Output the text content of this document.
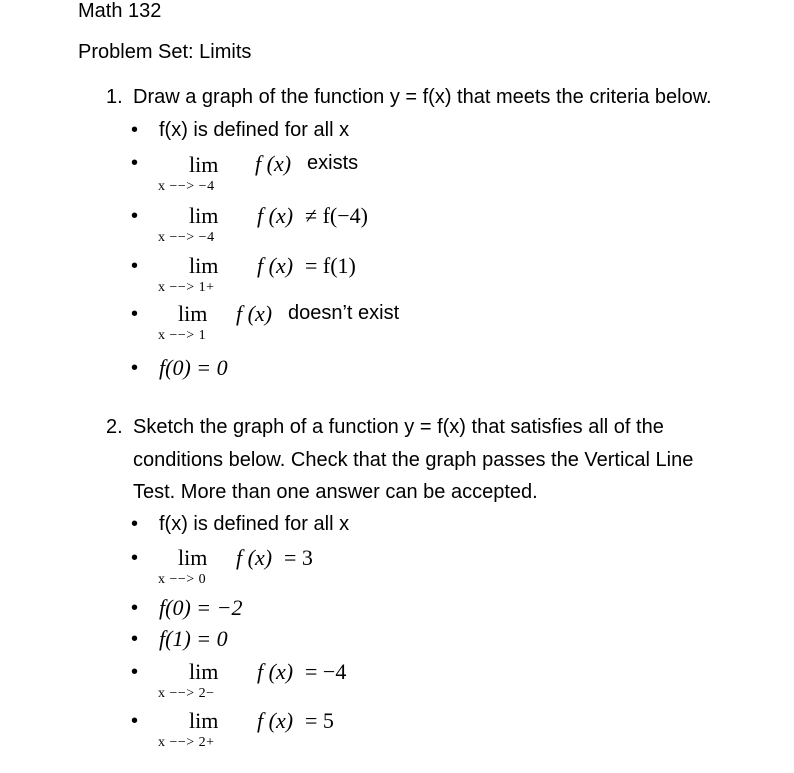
Math 132
Problem Set: Limits
1. Draw a graph of the function y = f(x) that meets the criteria below.
• f(x) is defined for all x
• lim
x −−> −4
f (x) exists
• lim
x −−> −4
f (x) ≠ f(−4)
• lim
x −−> 1+
f (x) = f(1)
• lim
x −−> 1
f (x) doesn’t exist
• f(0) = 0
2. Sketch the graph of a function y = f(x) that satisfies all of the
conditions below. Check that the graph passes the Vertical Line
Test. More than one answer can be accepted.
• f(x) is defined for all x
• lim
x −−> 0
f (x) = 3
• f(0) = −2
• f(1) = 0
• lim
x −−> 2−
f (x) = −4
• lim
x −−> 2+
f (x) = 5
